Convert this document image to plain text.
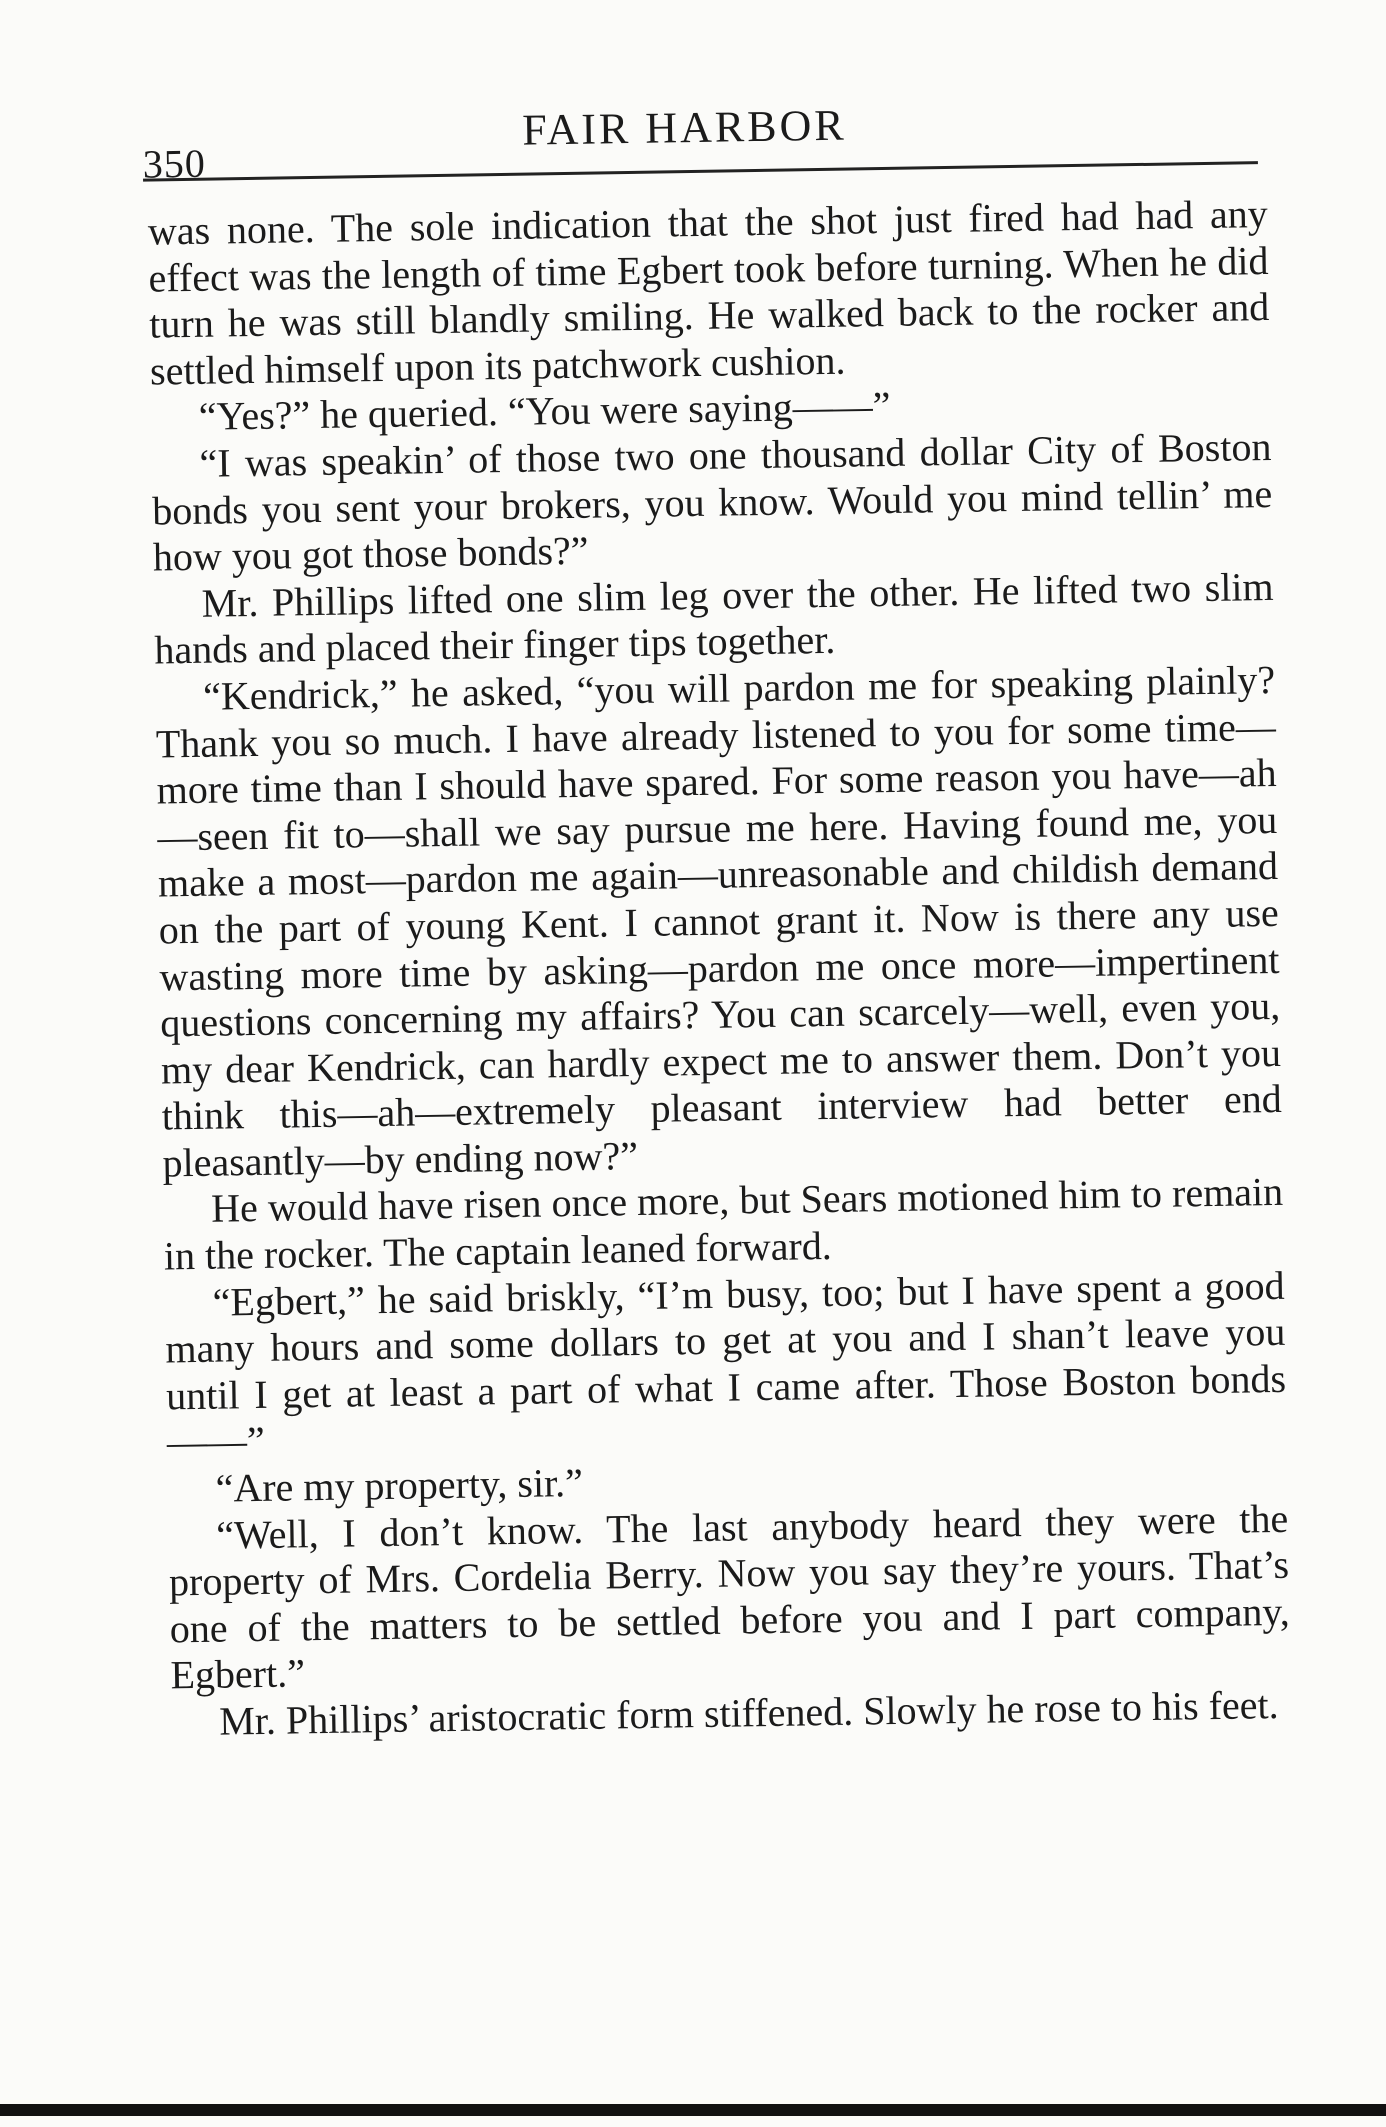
350
FAIR HARBOR

was none. The sole indication that the shot just fired had had any effect was the length of time Egbert took before turning. When he did turn he was still blandly smiling. He walked back to the rocker and settled himself upon its patchwork cushion.

“Yes?” he queried. “You were saying——”

“I was speakin’ of those two one thousand dollar City of Boston bonds you sent your brokers, you know. Would you mind tellin’ me how you got those bonds?”

Mr. Phillips lifted one slim leg over the other. He lifted two slim hands and placed their finger tips together.

“Kendrick,” he asked, “you will pardon me for speaking plainly? Thank you so much. I have already listened to you for some time—more time than I should have spared. For some reason you have—ah—seen fit to—shall we say pursue me here. Having found me, you make a most—pardon me again—unreasonable and childish demand on the part of young Kent. I cannot grant it. Now is there any use wasting more time by asking—pardon me once more—impertinent questions concerning my affairs? You can scarcely—well, even you, my dear Kendrick, can hardly expect me to answer them. Don’t you think this—ah—extremely pleasant interview had better end pleasantly—by ending now?”

He would have risen once more, but Sears motioned him to remain in the rocker. The captain leaned forward.

“Egbert,” he said briskly, “I’m busy, too; but I have spent a good many hours and some dollars to get at you and I shan’t leave you until I get at least a part of what I came after. Those Boston bonds——”

“Are my property, sir.”

“Well, I don’t know. The last anybody heard they were the property of Mrs. Cordelia Berry. Now you say they’re yours. That’s one of the matters to be settled before you and I part company, Egbert.”

Mr. Phillips’ aristocratic form stiffened. Slowly he rose to his feet.
